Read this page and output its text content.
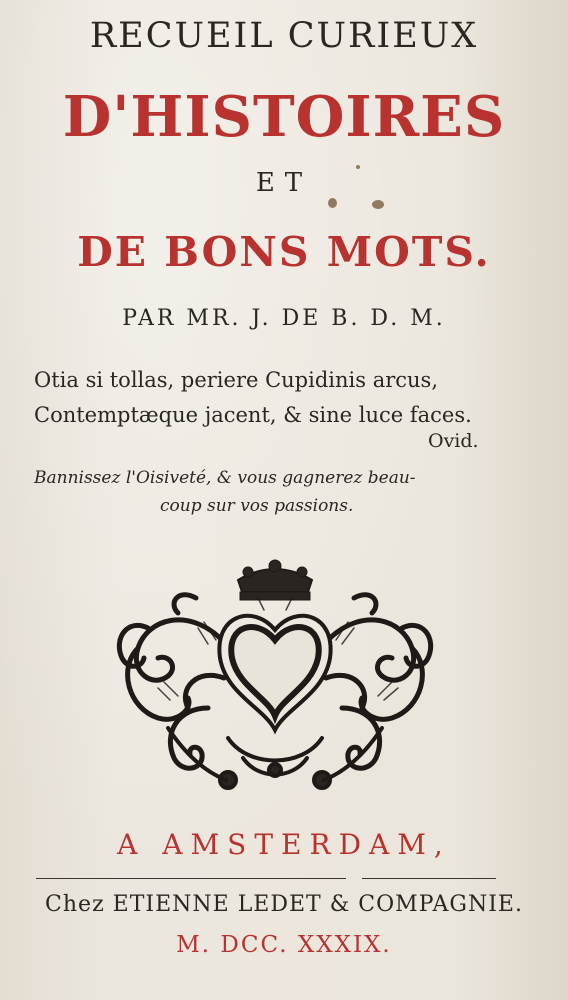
RECUEIL CURIEUX
D'HISTOIRES
ET
DE BONS MOTS.
PAR MR. J. DE B. D. M.
Otia si tollas, periere Cupidinis arcus,
Contemptæque jacent, & sine luce faces.
Ovid.
Bannissez l'Oisiveté, & vous gagnerez beau-
coup sur vos passions.
A AMSTERDAM,
Chez ETIENNE LEDET & COMPAGNIE.
M. DCC. XXXIX.
